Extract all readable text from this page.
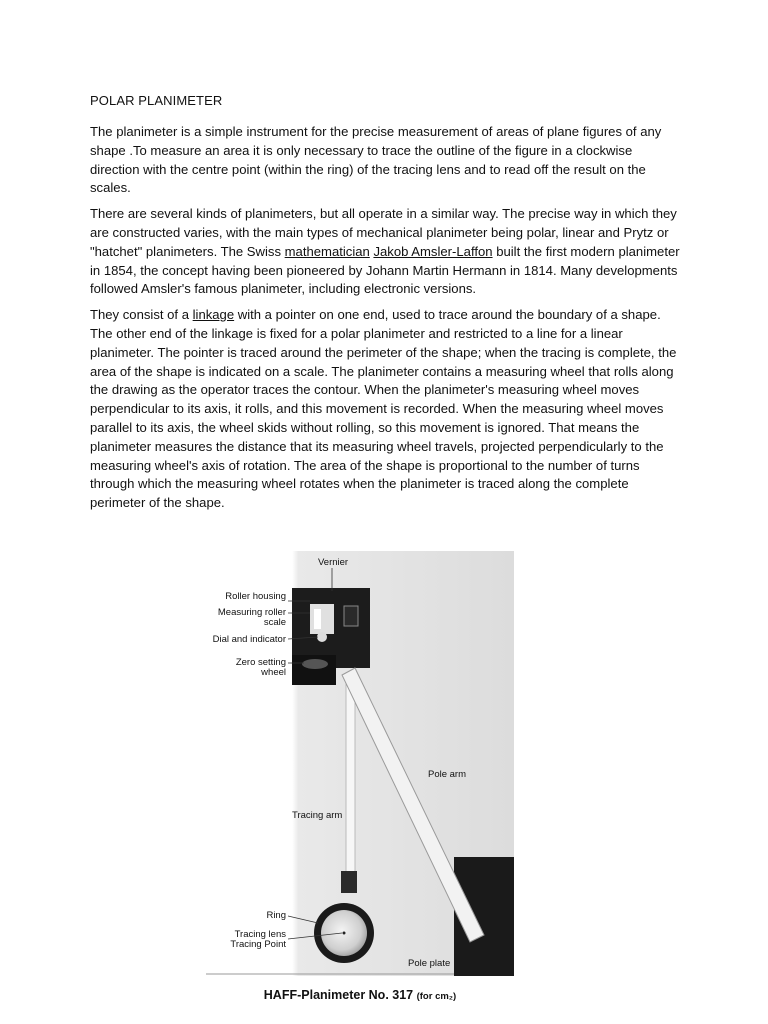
POLAR PLANIMETER

The planimeter is a simple instrument for the precise measurement of areas of plane figures of any shape .To measure an area it is only necessary to trace the outline of the figure in a clockwise direction with the centre point (within the ring) of the tracing lens and to read off the result on the scales.

There are several kinds of planimeters, but all operate in a similar way. The precise way in which they are constructed varies, with the main types of mechanical planimeter being polar, linear and Prytz or "hatchet" planimeters. The Swiss mathematician Jakob Amsler-Laffon built the first modern planimeter in 1854, the concept having been pioneered by Johann Martin Hermann in 1814. Many developments followed Amsler's famous planimeter, including electronic versions.

They consist of a linkage with a pointer on one end, used to trace around the boundary of a shape. The other end of the linkage is fixed for a polar planimeter and restricted to a line for a linear planimeter. The pointer is traced around the perimeter of the shape; when the tracing is complete, the area of the shape is indicated on a scale. The planimeter contains a measuring wheel that rolls along the drawing as the operator traces the contour. When the planimeter's measuring wheel moves perpendicular to its axis, it rolls, and this movement is recorded. When the measuring wheel moves parallel to its axis, the wheel skids without rolling, so this movement is ignored. That means the planimeter measures the distance that its measuring wheel travels, projected perpendicularly to the measuring wheel's axis of rotation. The area of the shape is proportional to the number of turns through which the measuring wheel rotates when the planimeter is traced along the complete perimeter of the shape.

Vernier
Roller housing
Measuring roller
scale
Dial and indicator
Zero setting
wheel
Pole arm
Tracing arm
Ring
Tracing lens
Tracing Point
Pole plate
HAFF-Planimeter No. 317 (for cm₂)
